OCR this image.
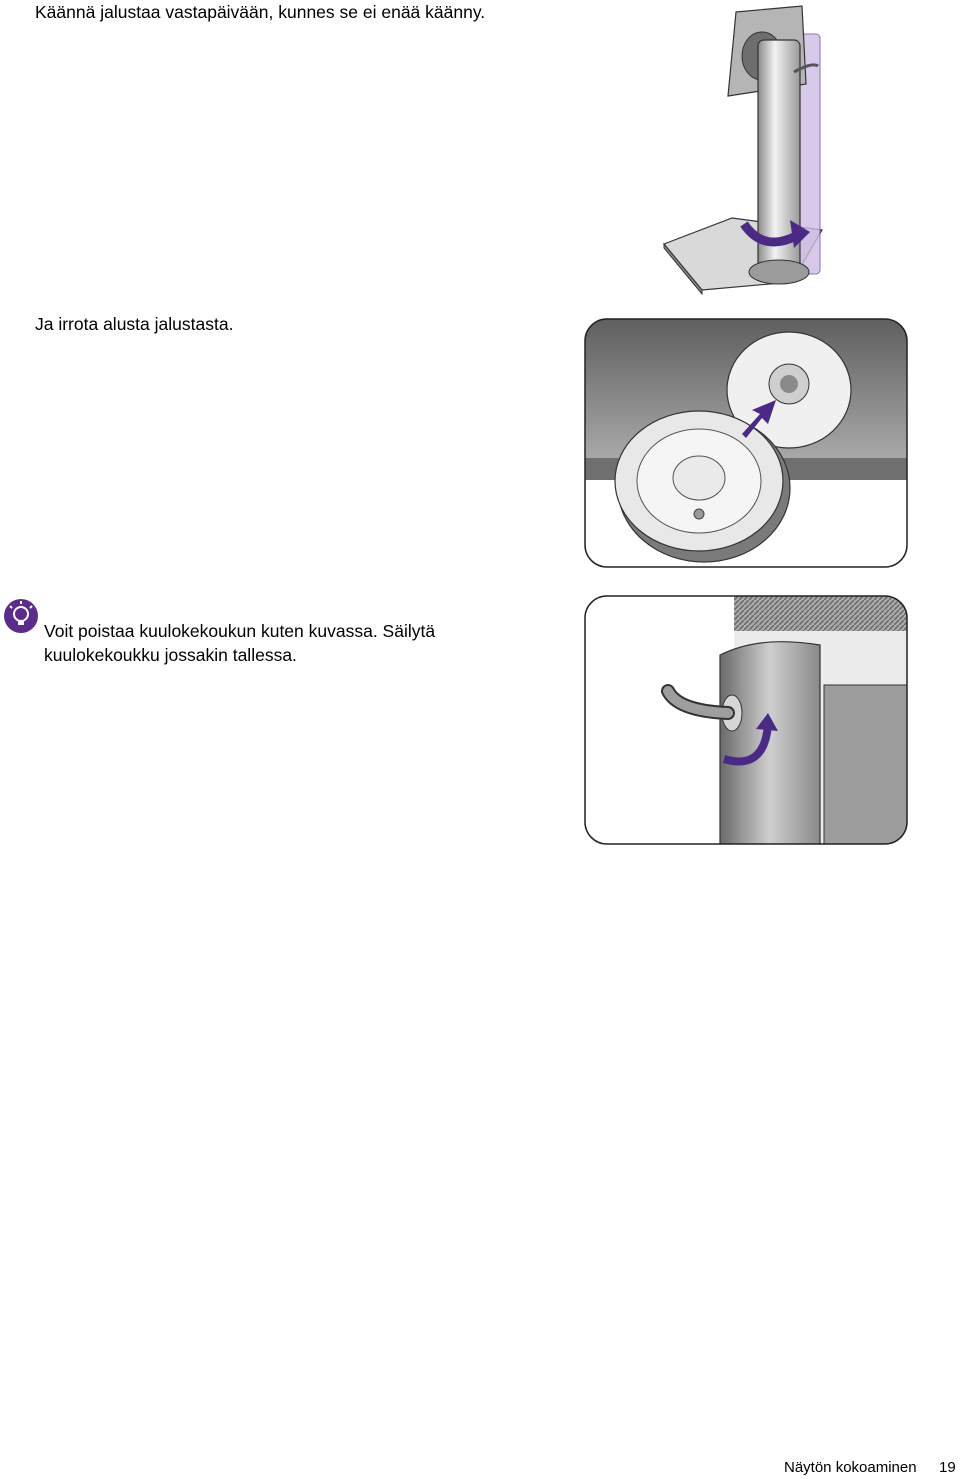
Käännä jalustaa vastapäivään, kunnes se ei enää käänny.
Ja irrota alusta jalustasta.
Voit poistaa kuulokekoukun kuten kuvassa. Säilytä
kuulokekoukku jossakin tallessa.
Näytön kokoaminen 19
